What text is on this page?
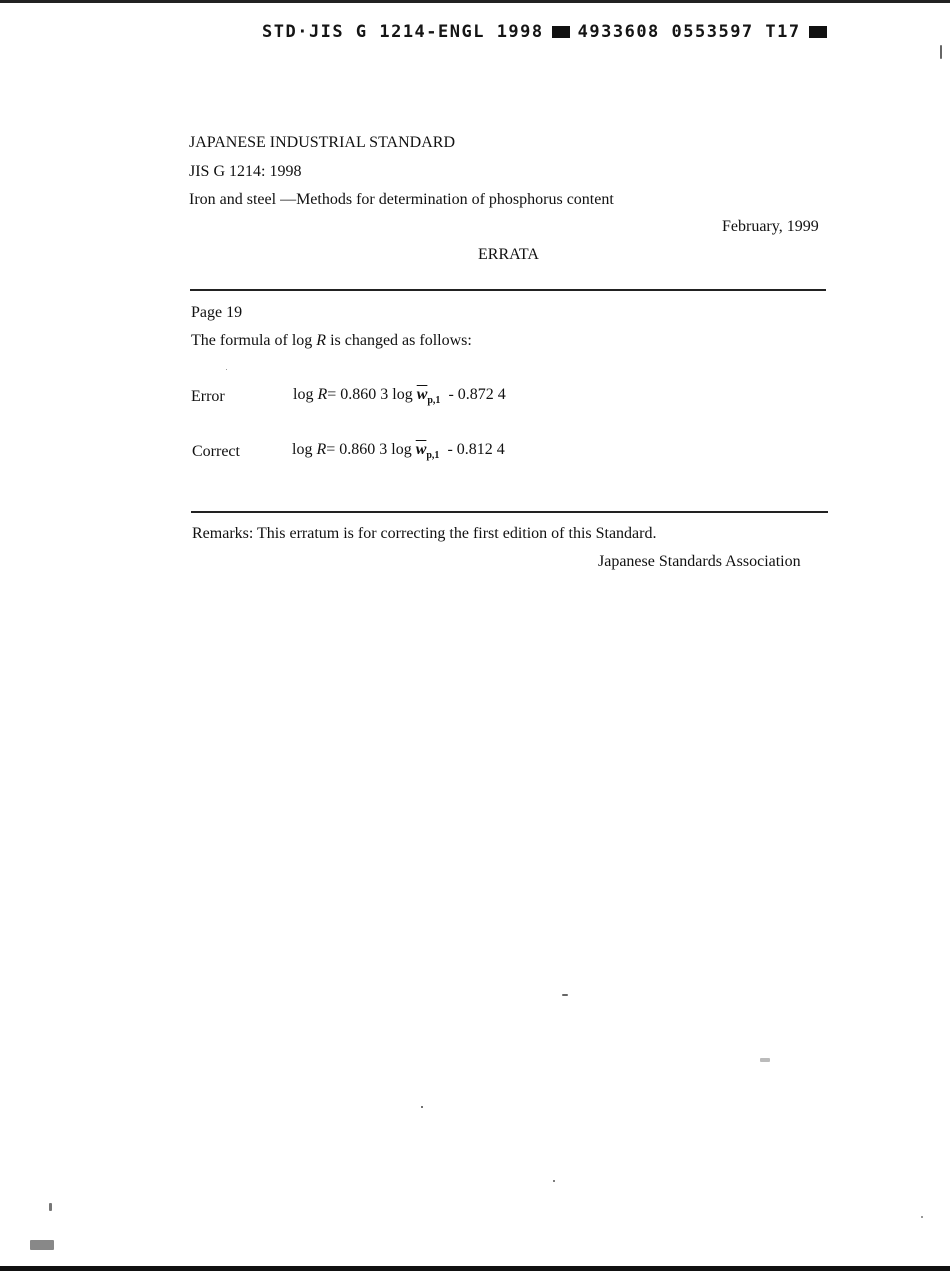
STD·JIS G 1214-ENGL 1998 4933608 0553597 T17
JAPANESE INDUSTRIAL STANDARD
JIS G 1214: 1998
Iron and steel —Methods for determination of phosphorus content
February, 1999
ERRATA
Page 19
The formula of log R is changed as follows:
Error	log R= 0.860 3 $\log \overline{w}_{p,1} - 0.872$ 4
Correct	log R= 0.860 3 $\log \overline{w}_{p,1} - 0.812$ 4
Remarks: This erratum is for correcting the first edition of this Standard.
Japanese Standards Association
